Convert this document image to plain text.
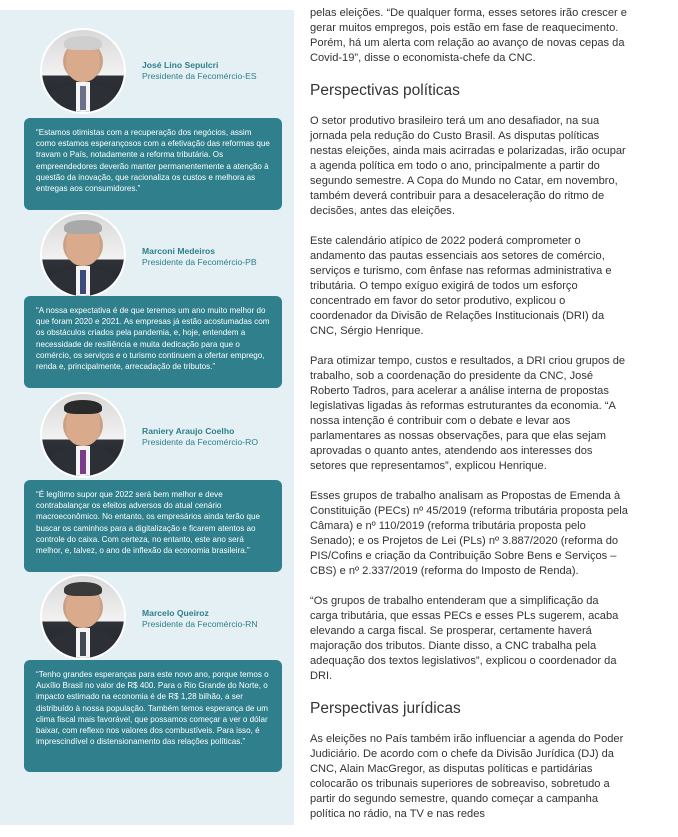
José Lino Sepulcri
Presidente da Fecomércio-ES

“Estamos otimistas com a recuperação dos negócios, assim como estamos esperançosos com a efetivação das reformas que travam o País, notadamente a reforma tributária. Os empreendedores deverão manter permanentemente a atenção à questão da inovação, que racionaliza os custos e melhora as entregas aos consumidores.”

Marconi Medeiros
Presidente da Fecomércio-PB

“A nossa expectativa é de que teremos um ano muito melhor do que foram 2020 e 2021. As empresas já estão acostumadas com os obstáculos criados pela pandemia, e, hoje, entendem a necessidade de resiliência e muita dedicação para que o comércio, os serviços e o turismo continuem a ofertar emprego, renda e, principalmente, arrecadação de tributos.”

Raniery Araujo Coelho
Presidente da Fecomércio-RO

“É legítimo supor que 2022 será bem melhor e deve contrabalançar os efeitos adversos do atual cenário macroeconômico. No entanto, os empresários ainda terão que buscar os caminhos para a digitalização e ficarem atentos ao controle do caixa. Com certeza, no entanto, este ano será melhor, e, talvez, o ano de inflexão da economia brasileira.”

Marcelo Queiroz
Presidente da Fecomércio-RN

“Tenho grandes esperanças para este novo ano, porque temos o Auxílio Brasil no valor de R$ 400. Para o Rio Grande do Norte, o impacto estimado na economia é de R$ 1,28 bilhão, a ser distribuído à nossa população. Também temos esperança de um clima fiscal mais favorável, que possamos começar a ver o dólar baixar, com reflexo nos valores dos combustíveis. Para isso, é imprescindível o distensionamento das relações políticas.”

pelas eleições. “De qualquer forma, esses setores irão crescer e gerar muitos empregos, pois estão em fase de reaquecimento. Porém, há um alerta com relação ao avanço de novas cepas da Covid-19”, disse o economista-chefe da CNC.

Perspectivas políticas

O setor produtivo brasileiro terá um ano desafiador, na sua jornada pela redução do Custo Brasil. As disputas políticas nestas eleições, ainda mais acirradas e polarizadas, irão ocupar a agenda política em todo o ano, principalmente a partir do segundo semestre. A Copa do Mundo no Catar, em novembro, também deverá contribuir para a desaceleração do ritmo de decisões, antes das eleições.

Este calendário atípico de 2022 poderá comprometer o andamento das pautas essenciais aos setores de comércio, serviços e turismo, com ênfase nas reformas administrativa e tributária. O tempo exíguo exigirá de todos um esforço concentrado em favor do setor produtivo, explicou o coordenador da Divisão de Relações Institucionais (DRI) da CNC, Sérgio Henrique.

Para otimizar tempo, custos e resultados, a DRI criou grupos de trabalho, sob a coordenação do presidente da CNC, José Roberto Tadros, para acelerar a análise interna de propostas legislativas ligadas às reformas estruturantes da economia. “A nossa intenção é contribuir com o debate e levar aos parlamentares as nossas observações, para que elas sejam aprovadas o quanto antes, atendendo aos interesses dos setores que representamos”, explicou Henrique.

Esses grupos de trabalho analisam as Propostas de Emenda à Constituição (PECs) nº 45/2019 (reforma tributária proposta pela Câmara) e nº 110/2019 (reforma tributária proposta pelo Senado); e os Projetos de Lei (PLs) nº 3.887/2020 (reforma do PIS/Cofins e criação da Contribuição Sobre Bens e Serviços – CBS) e nº 2.337/2019 (reforma do Imposto de Renda).

“Os grupos de trabalho entenderam que a simplificação da carga tributária, que essas PECs e esses PLs sugerem, acaba elevando a carga fiscal. Se prosperar, certamente haverá majoração dos tributos. Diante disso, a CNC trabalha pela adequação dos textos legislativos”, explicou o coordenador da DRI.

Perspectivas jurídicas

As eleições no País também irão influenciar a agenda do Poder Judiciário. De acordo com o chefe da Divisão Jurídica (DJ) da CNC, Alain MacGregor, as disputas políticas e partidárias colocarão os tribunais superiores de sobreaviso, sobretudo a partir do segundo semestre, quando começar a campanha política no rádio, na TV e nas redes
